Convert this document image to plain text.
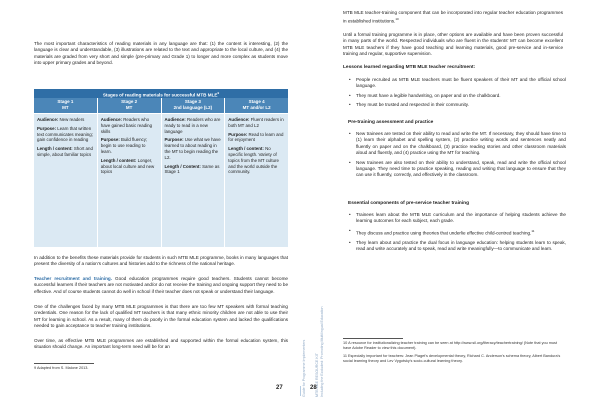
The most important characteristics of reading materials in any language are that: (1) the content is interesting, (2) the language is clear and understandable, (3) illustrations are related to the text and appropriate to the local culture, and (4) the materials are graded from very short and simple (pre-primary and Grade 1) to longer and more complex as students move into upper primary grades and beyond.

Stages of reading materials for successful MTB MLE$^9$
Stage 1
MT
Audience: New readers
Purpose: Learn that written text communicates meaning; gain confidence in reading
Length / content: Short and simple, about familiar topics
Stage 2
MT
Audience: Readers who have gained basic reading skills
Purpose: Build fluency; begin to use reading to learn.
Length / content: Longer, about local culture and new topics
Stage 3
2nd language (L2)
Audience: Readers who are ready to read in a new language
Purpose: Use what we have learned to about reading in the MT to begin reading the L2.
Length / Content: Same as Stage 1
Stage 4
MT and/or L2
Audience: Fluent readers in both MT and L2
Purpose: Read to learn and for enjoyment
Length / content: No specific length. Variety of topics from the MT culture and the world outside the community.

In addition to the benefits these materials provide for students in such MTB MLE programme, books in many languages that present the diversity of a nation's cultures and histories add to the richness of the national heritage.

Teacher recruitment and training. Good education programmes require good teachers. Students cannot become successful learners if their teachers are not motivated and/or do not receive the training and ongoing support they need to be effective. And of course students cannot do well in school if their teacher does not speak or understand their language.

One of the challenges faced by many MTB MLE programmes is that there are too few MT speakers with formal teaching credentials. One reason for the lack of qualified MT teachers is that many ethnic minority children are not able to use their MT for learning in school. As a result, many of them do poorly in the formal education system and lacked the qualifications needed to gain acceptance to teacher training institutions.

Over time, as effective MTB MLE programmes are established and supported within the formal education system, this situation should change. An important long-term need will be for an

9 Adapted from S. Malone 2013.

27	Guide for Programme Implementers	MTB MLE RESOURCE KIT Including the Excluded: Promoting Multilingual Education

MTB MLE teacher-training component that can be incorporated into regular teacher education programmes in established institutions.$^{10}$

Until a formal training programme is in place, other options are available and have been proven successful in many parts of the world. Respected individuals who are fluent in the students' MT can become excellent MTB MLE teachers if they have good teaching and learning materials, good pre-service and in-service training and regular, supportive supervision.

Lessons learned regarding MTB MLE teacher recruitment:

• People recruited as MTB MLE teachers must be fluent speakers of their MT and the official school language.
• They must have a legible handwriting, on paper and on the chalkboard.
• They must be trusted and respected in their community.

Pre-training assessment and practice

• New trainees are tested on their ability to read and write the MT. If necessary, they should have time to (1) learn their alphabet and spelling system, (2) practice writing words and sentences neatly and fluently on paper and on the chalkboard, (3) practice reading stories and other classroom materials aloud and fluently, and (4) practice using the MT for teaching.
• New trainees are also tested on their ability to understand, speak, read and write the official school language. They need time to practice speaking, reading and writing that language to ensure that they can use it fluently, correctly, and effectively in the classroom.

Essential components of pre-service teacher training

• Trainees learn about the MTB MLE curriculum and the importance of helping students achieve the learning outcomes for each subject, each grade.
• They discuss and practice using theories that underlie effective child-centred teaching.$^{11}$
• They learn about and practice the dual focus in language education: helping students learn to speak, read and write accurately and to speak, read and write meaningfully—to communicate and learn.

10 A resource for institutionalizing teacher training can be seen at http://www.sil.org/literacy/teachertraining/ (Note that you must have Adobe Reader to view this document).

11 Especially important for teachers: Jean Piaget's developmental theory, Richard C. Anderson's schema theory, Albert Bandura's social learning theory and Lev Vygotsky's socio-cultural learning theory.

28
